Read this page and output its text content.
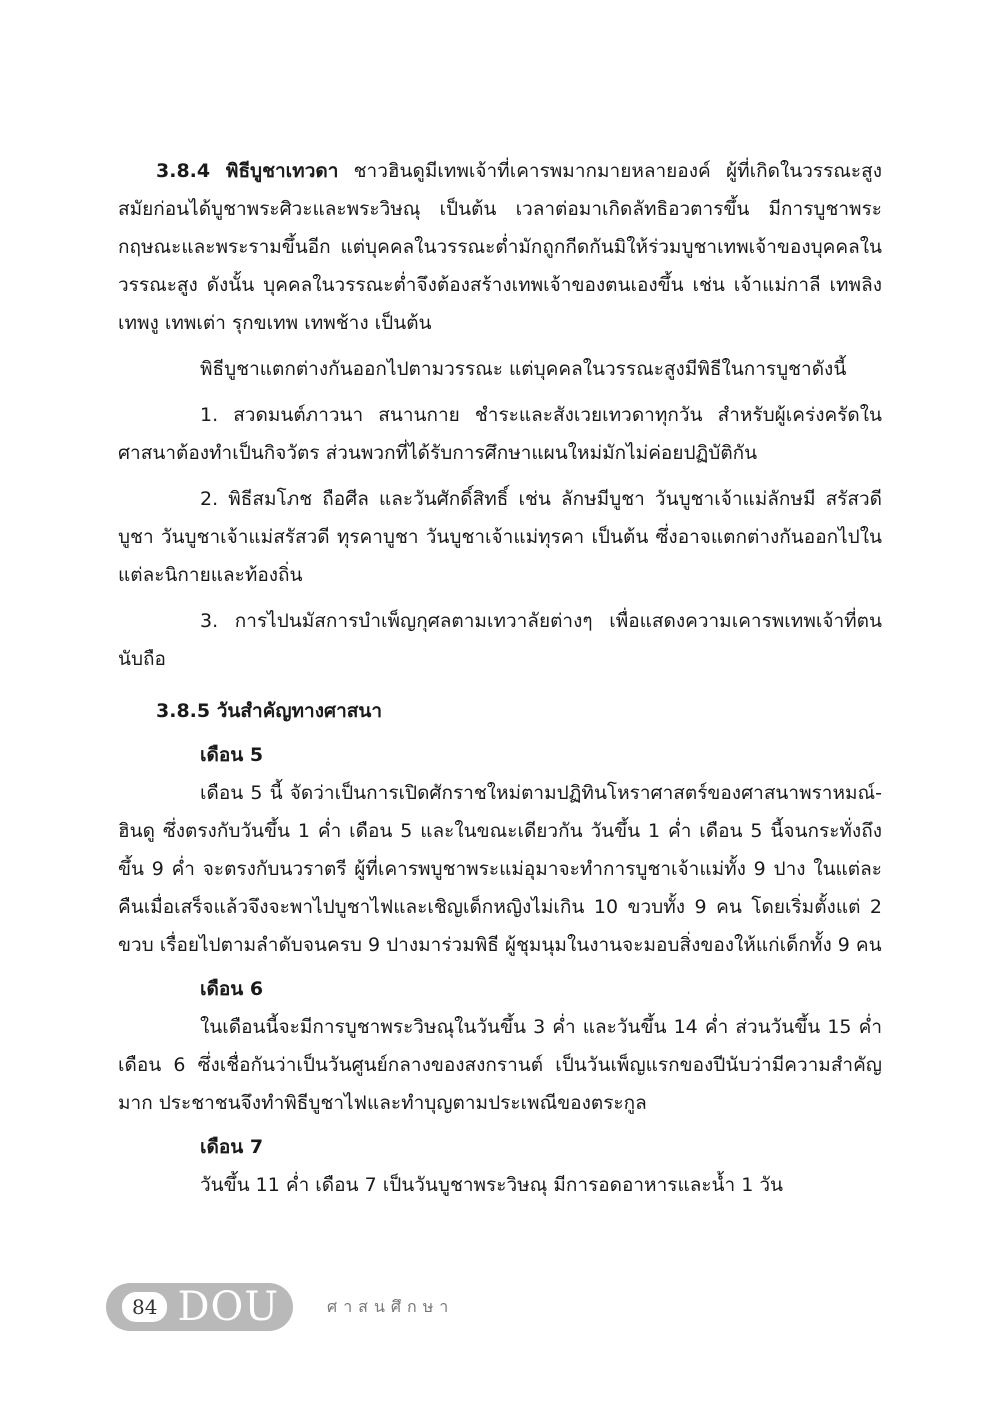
3.8.4 พิธีบูชาเทวดา ชาวฮินดูมีเทพเจ้าที่เคารพมากมายหลายองค์ ผู้ที่เกิดในวรรณะสูงสมัยก่อนได้บูชาพระศิวะและพระวิษณุ เป็นต้น เวลาต่อมาเกิดลัทธิอวตารขึ้น มีการบูชาพระกฤษณะและพระรามขึ้นอีก แต่บุคคลในวรรณะต่ำมักถูกกีดกันมิให้ร่วมบูชาเทพเจ้าของบุคคลในวรรณะสูง ดังนั้น บุคคลในวรรณะต่ำจึงต้องสร้างเทพเจ้าของตนเองขึ้น เช่น เจ้าแม่กาลี เทพลิง เทพงู เทพเต่า รุกขเทพ เทพช้าง เป็นต้น

พิธีบูชาแตกต่างกันออกไปตามวรรณะ แต่บุคคลในวรรณะสูงมีพิธีในการบูชาดังนี้

1. สวดมนต์ภาวนา สนานกาย ชำระและสังเวยเทวดาทุกวัน สำหรับผู้เคร่งครัดในศาสนาต้องทำเป็นกิจวัตร ส่วนพวกที่ได้รับการศึกษาแผนใหม่มักไม่ค่อยปฏิบัติกัน

2. พิธีสมโภช ถือศีล และวันศักดิ์สิทธิ์ เช่น ลักษมีบูชา วันบูชาเจ้าแม่ลักษมี สรัสวดีบูชา วันบูชาเจ้าแม่สรัสวดี ทุรคาบูชา วันบูชาเจ้าแม่ทุรคา เป็นต้น ซึ่งอาจแตกต่างกันออกไปในแต่ละนิกายและท้องถิ่น

3. การไปนมัสการบำเพ็ญกุศลตามเทวาลัยต่างๆ เพื่อแสดงความเคารพเทพเจ้าที่ตนนับถือ

3.8.5 วันสำคัญทางศาสนา
เดือน 5

เดือน 5 นี้ จัดว่าเป็นการเปิดศักราชใหม่ตามปฏิทินโหราศาสตร์ของศาสนาพราหมณ์-ฮินดู ซึ่งตรงกับวันขึ้น 1 ค่ำ เดือน 5 และในขณะเดียวกัน วันขึ้น 1 ค่ำ เดือน 5 นี้จนกระทั่งถึงขึ้น 9 ค่ำ จะตรงกับนวราตรี ผู้ที่เคารพบูชาพระแม่อุมาจะทำการบูชาเจ้าแม่ทั้ง 9 ปาง ในแต่ละคืนเมื่อเสร็จแล้วจึงจะพาไปบูชาไฟและเชิญเด็กหญิงไม่เกิน 10 ขวบทั้ง 9 คน โดยเริ่มตั้งแต่ 2 ขวบ เรื่อยไปตามลำดับจนครบ 9 ปางมาร่วมพิธี ผู้ชุมนุมในงานจะมอบสิ่งของให้แก่เด็กทั้ง 9 คน

เดือน 6

ในเดือนนี้จะมีการบูชาพระวิษณุในวันขึ้น 3 ค่ำ และวันขึ้น 14 ค่ำ ส่วนวันขึ้น 15 ค่ำ เดือน 6 ซึ่งเชื่อกันว่าเป็นวันศูนย์กลางของสงกรานต์ เป็นวันเพ็ญแรกของปีนับว่ามีความสำคัญมาก ประชาชนจึงทำพิธีบูชาไฟและทำบุญตามประเพณีของตระกูล

เดือน 7

วันขึ้น 11 ค่ำ เดือน 7 เป็นวันบูชาพระวิษณุ มีการอดอาหารและน้ำ 1 วัน

84 DOU	ศาสนศึกษา
